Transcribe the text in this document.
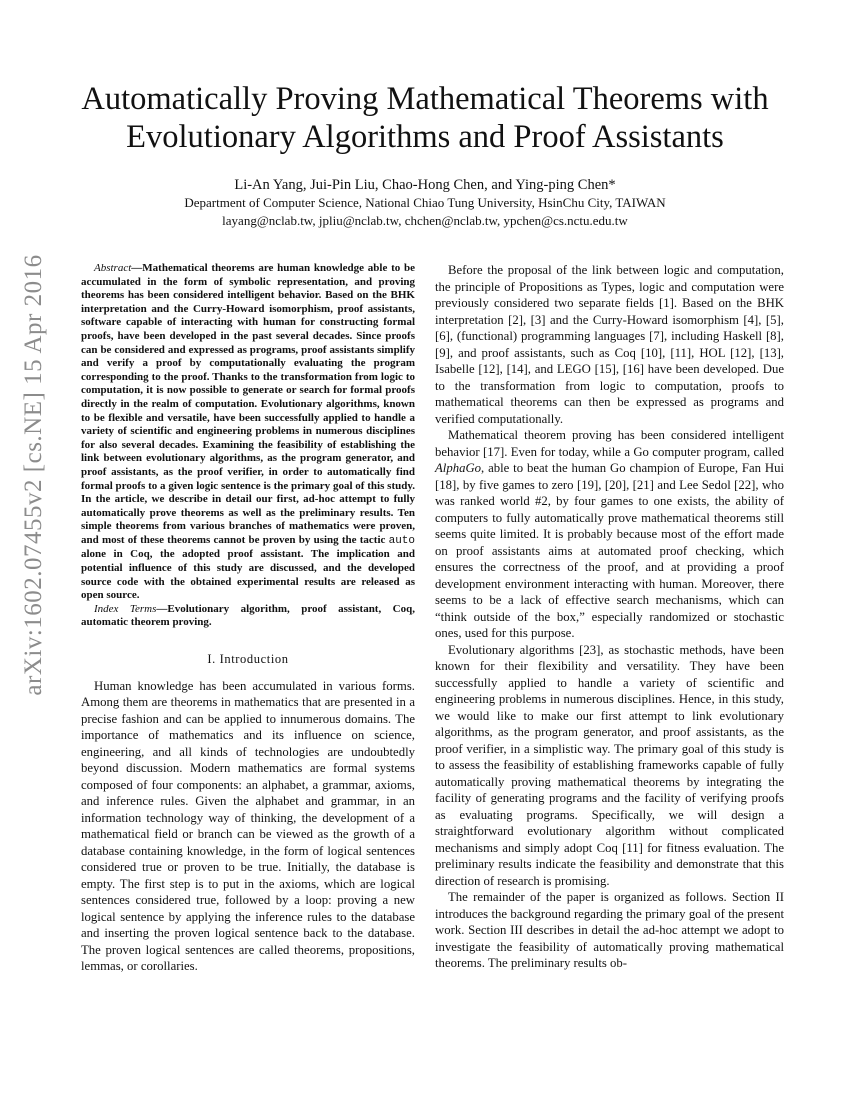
arXiv:1602.07455v2 [cs.NE] 15 Apr 2016
Automatically Proving Mathematical Theorems with Evolutionary Algorithms and Proof Assistants
Li-An Yang, Jui-Pin Liu, Chao-Hong Chen, and Ying-ping Chen*
Department of Computer Science, National Chiao Tung University, HsinChu City, TAIWAN
layang@nclab.tw, jpliu@nclab.tw, chchen@nclab.tw, ypchen@cs.nctu.edu.tw

Abstract—Mathematical theorems are human knowledge able to be accumulated in the form of symbolic representation, and proving theorems has been considered intelligent behavior. Based on the BHK interpretation and the Curry-Howard isomorphism, proof assistants, software capable of interacting with human for constructing formal proofs, have been developed in the past several decades. Since proofs can be considered and expressed as programs, proof assistants simplify and verify a proof by computationally evaluating the program corresponding to the proof. Thanks to the transformation from logic to computation, it is now possible to generate or search for formal proofs directly in the realm of computation. Evolutionary algorithms, known to be flexible and versatile, have been successfully applied to handle a variety of scientific and engineering problems in numerous disciplines for also several decades. Examining the feasibility of establishing the link between evolutionary algorithms, as the program generator, and proof assistants, as the proof verifier, in order to automatically find formal proofs to a given logic sentence is the primary goal of this study. In the article, we describe in detail our first, ad-hoc attempt to fully automatically prove theorems as well as the preliminary results. Ten simple theorems from various branches of mathematics were proven, and most of these theorems cannot be proven by using the tactic auto alone in Coq, the adopted proof assistant. The implication and potential influence of this study are discussed, and the developed source code with the obtained experimental results are released as open source.

Index Terms—Evolutionary algorithm, proof assistant, Coq, automatic theorem proving.

I. Introduction

Human knowledge has been accumulated in various forms. Among them are theorems in mathematics that are presented in a precise fashion and can be applied to innumerous domains. The importance of mathematics and its influence on science, engineering, and all kinds of technologies are undoubtedly beyond discussion. Modern mathematics are formal systems composed of four components: an alphabet, a grammar, axioms, and inference rules. Given the alphabet and grammar, in an information technology way of thinking, the development of a mathematical field or branch can be viewed as the growth of a database containing knowledge, in the form of logical sentences considered true or proven to be true. Initially, the database is empty. The first step is to put in the axioms, which are logical sentences considered true, followed by a loop: proving a new logical sentence by applying the inference rules to the database and inserting the proven logical sentence back to the database. The proven logical sentences are called theorems, propositions, lemmas, or corollaries.

Before the proposal of the link between logic and computation, the principle of Propositions as Types, logic and computation were previously considered two separate fields [1]. Based on the BHK interpretation [2], [3] and the Curry-Howard isomorphism [4], [5], [6], (functional) programming languages [7], including Haskell [8], [9], and proof assistants, such as Coq [10], [11], HOL [12], [13], Isabelle [12], [14], and LEGO [15], [16] have been developed. Due to the transformation from logic to computation, proofs to mathematical theorems can then be expressed as programs and verified computationally.

Mathematical theorem proving has been considered intelligent behavior [17]. Even for today, while a Go computer program, called AlphaGo, able to beat the human Go champion of Europe, Fan Hui [18], by five games to zero [19], [20], [21] and Lee Sedol [22], who was ranked world #2, by four games to one exists, the ability of computers to fully automatically prove mathematical theorems still seems quite limited. It is probably because most of the effort made on proof assistants aims at automated proof checking, which ensures the correctness of the proof, and at providing a proof development environment interacting with human. Moreover, there seems to be a lack of effective search mechanisms, which can “think outside of the box,” especially randomized or stochastic ones, used for this purpose.

Evolutionary algorithms [23], as stochastic methods, have been known for their flexibility and versatility. They have been successfully applied to handle a variety of scientific and engineering problems in numerous disciplines. Hence, in this study, we would like to make our first attempt to link evolutionary algorithms, as the program generator, and proof assistants, as the proof verifier, in a simplistic way. The primary goal of this study is to assess the feasibility of establishing frameworks capable of fully automatically proving mathematical theorems by integrating the facility of generating programs and the facility of verifying proofs as evaluating programs. Specifically, we will design a straightforward evolutionary algorithm without complicated mechanisms and simply adopt Coq [11] for fitness evaluation. The preliminary results indicate the feasibility and demonstrate that this direction of research is promising.

The remainder of the paper is organized as follows. Section II introduces the background regarding the primary goal of the present work. Section III describes in detail the ad-hoc attempt we adopt to investigate the feasibility of automatically proving mathematical theorems. The preliminary results ob-
